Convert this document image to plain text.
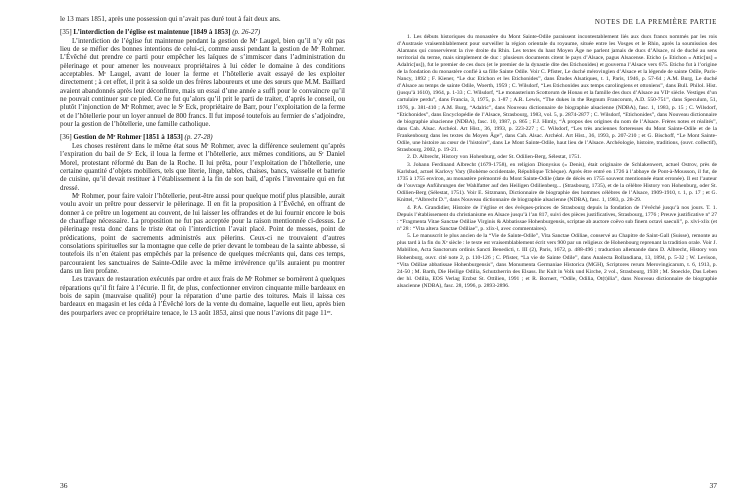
le 13 mars 1851, après une possession qui n’avait pas duré tout à fait deux ans.

[35] L’interdiction de l’église est maintenue [1849 à 1853] (p. 26-27)

L’interdiction de l’église fut maintenue pendant la gestion de Mʳ Laugel, bien qu’il n’y eût pas lieu de se méfier des bonnes intentions de celui-ci, comme aussi pendant la gestion de Mʳ Rohmer. L’Évêché dut prendre ce parti pour empêcher les laïques de s’immiscer dans l’administration du pèlerinage et pour amener les nouveaux propriétaires à lui céder le domaine à des conditions acceptables. Mʳ Laugel, avant de louer la ferme et l’hôtellerie avait essayé de les exploiter directement ; à cet effet, il prit à sa solde un des frères laboureurs et une des sœurs que M.M. Baillard avaient abandonnés après leur déconfiture, mais un essai d’une année a suffi pour le convaincre qu’il ne pouvait continuer sur ce pied. Ce ne fut qu’alors qu’il prit le parti de traiter, d’après le conseil, ou plutôt l’injonction de Mʳ Rohmer, avec le Sʳ Eck, propriétaire de Barr, pour l’exploitation de la ferme et de l’hôtellerie pour un loyer annuel de 800 francs. Il fut imposé toutefois au fermier de s’adjoindre, pour la gestion de l’hôtellerie, une famille catholique.

[36] Gestion de Mʳ Rohmer [1851 à 1853] (p. 27-28)

Les choses restèrent dans le même état sous Mʳ Rohmer, avec la différence seulement qu’après l’expiration du bail de Sʳ Eck, il loua la ferme et l’hôtellerie, aux mêmes conditions, au Sʳ Daniel Morel, protestant réformé du Ban de la Roche. Il lui prêta, pour l’exploitation de l’hôtellerie, une certaine quantité d’objets mobiliers, tels que literie, linge, tables, chaises, bancs, vaisselle et batterie de cuisine, qu’il devait restituer à l’établissement à la fin de son bail, d’après l’inventaire qui en fut dressé.

Mʳ Rohmer, pour faire valoir l’hôtellerie, peut-être aussi pour quelque motif plus plausible, aurait voulu avoir un prêtre pour desservir le pèlerinage. Il en fit la proposition à l’Évêché, en offrant de donner à ce prêtre un logement au couvent, de lui laisser les offrandes et de lui fournir encore le bois de chauffage nécessaire. La proposition ne fut pas acceptée pour la raison mentionnée ci-dessus. Le pèlerinage resta donc dans le triste état où l’interdiction l’avait placé. Point de messes, point de prédications, point de sacrements administrés aux pèlerins. Ceux-ci ne trouvaient d’autres consolations spirituelles sur la montagne que celle de prier devant le tombeau de la sainte abbesse, si toutefois ils n’en étaient pas empêchés par la présence de quelques mécréants qui, dans ces temps, parcouraient les sanctuaires de Sainte-Odile avec la même irrévérence qu’ils auraient pu montrer dans un lieu profane.

Les travaux de restauration exécutés par ordre et aux frais de Mʳ Rohmer se bornèrent à quelques réparations qu’il fit faire à l’écurie. Il fit, de plus, confectionner environ cinquante mille bardeaux en bois de sapin (mauvaise qualité) pour la réparation d’une partie des toitures. Mais il laissa ces bardeaux en magasin et les céda à l’Évêché lors de la vente du domaine, laquelle eut lieu, après bien des pourparlers avec ce propriétaire tenace, le 13 août 1853, ainsi que nous l’avions dit page 11ᵉᵉ.

36
NOTES DE LA PREMIÈRE PARTIE

1. Les débuts historiques du monastère du Mont Sainte-Odile paraissent incontestablement liés aux ducs francs nommés par les rois d’Austrasie vraisemblablement pour surveiller la région orientale du royaume, située entre les Vosges et le Rhin, après la soumission des Alamans qui conservèrent la rive droite du Rhin. Les textes du haut Moyen Âge ne parlent jamais de ducs d’Alsace, ni de duché au sens territorial du terme, mais simplement de duc : plusieurs documents citent le pays d’Alsace, pagus Alsacense. Eticho (« Etichon » Attic[us] » Adalric[us]), fut le premier de ces ducs (et le premier de la dynastie dite des Etichonides) et gouverna l’Alsace vers 675. Eticho fut à l’origine de la fondation du monastère confié à sa fille Sainte Odile. Voir C. Pfister, Le duché mérovingien d’Alsace et la légende de sainte Odile, Paris-Nancy, 1892 ; F. Kiener, “Le duc Etichon et les Etichonides”, dans Études Alsatiques, t. 1, Paris, 1946, p. 57-64 ; A.M. Burg, Le duché d’Alsace au temps de sainte Odile, Woerth, 1959 ; C. Wilsdorf, “Les Etichonides aux temps carolingiens et ottoniens”, dans Bull. Philol. Hist. (jusqu’à 1610), 1964, p. 1-33 ; C. Wilsdorf, “Le monasterium Scottorum de Honau et la famille des ducs d’Alsace au VIIᵉ siècle. Vestiges d’un cartulaire perdu”, dans Francia, 3, 1975, p. 1-87 ; A.R. Lewis, “The dukes in the Regnum Francorum, A.D. 550-751”, dans Speculum, 51, 1976, p. 381-410 ; A.M. Burg, “Adalric”, dans Nouveau dictionnaire de biographie alsacienne (NDBA), fasc. 1, 1983, p. 15 ; C. Wilsdorf, “Etichonides”, dans Encyclopédie de l’Alsace, Strasbourg, 1983, vol. 5, p. 2874-2877 ; C. Wilsdorf, “Etichonides”, dans Nouveau dictionnaire de biographie alsacienne (NDBA), fasc. 10, 1987, p. 865 ; F.J. Himly, “À propos des origines du nom de l’Alsace. Frères notes et réalités”, dans Cah. Alsac. Archéol. Art Hist., 36, 1993, p. 223-227 ; C. Wilsdorf, “Les très anciennes forteresses du Mont Sainte-Odile et de la Frankenbourg dans les textes du Moyen Âge”, dans Cah. Alsac. Archéol. Art Hist., 36, 1993, p. 207-210 ; et G. Bischoff, “Le Mont Sainte-Odile, une histoire au cœur de l’histoire”, dans Le Mont Sainte-Odile, haut lieu de l’Alsace. Archéologie, histoire, traditions, (ouvr. collectif), Strasbourg, 2002, p. 19-21.

2. D. Albrecht, History von Hohenburg, oder St. Odilien-Berg, Sélestat, 1751.

3. Johann Ferdinand Albrecht (1679-1758), en religion Dionysius (« Denis), était originaire de Schlakenwert, actuel Ostrov, près de Karlsbad, actuel Karlovy Vary (Bohème occidentale, République Tchèque). Après être entré en 1726 à l’abbaye de Pont-à-Mousson, il fut, de 1735 à 1755 environ, au monastère prémontré du Mont Sainte-Odile (date de décès en 1755 souvent mentionnée étant erronée). Il est l’auteur de l’ouvrage Anführungen der Wahlfatter auf den Heiligen Odilienberg... (Strasbourg, 1735), et de la célèbre History von Hohenburg, oder St. Odilien-Berg (Sélestat, 1751). Voir E. Sitzmann, Dictionnaire de biographie des hommes célèbres de l’Alsace, 1909-1910, t. 1, p. 17 ; et G. Knittel, “Albrecht D.”, dans Nouveau dictionnaire de biographie alsacienne (NDBA), fasc. 1, 1983, p. 28-29.

4. P.A. Grandidier, Histoire de l’église et des évêques-princes de Strasbourg depuis la fondation de l’évêché jusqu’à nos jours. T. 1. Depuis l’établissement du christianisme en Alsace jusqu’à l’an 817, suivi des pièces justificatives, Strasbourg, 1776 ; Preuve justificative nº 27 : “Fragmenta Vitae Sanctae Odiliae Virginis & Abbatissae Hohenburgensis, scriptae ab auctore coëvo sub finem octavi saeculi”, p. xlvi-xlix (et nº 28 : “Vita altera Sanctae Odiliae”, p. xlix-l, avec commentaires).

5. Le manuscrit le plus ancien de la “Vie de Sainte-Odile”, Vita Sanctae Odiliae, conservé au Chapitre de Saint-Gall (Suisse), remonte au plus tard à la fin du Xᵉ siècle : le texte est vraisemblablement écrit vers 900 par un religieux de Hohenbourg reprenant la tradition orale. Voir J. Mabillon, Acta Sanctorum ordinis Sancti Benedicti, t. III (2), Paris, 1672, p. 488-496 ; traduction allemande dans D. Albrecht, History von Hohenburg, ouvr. cité note 2, p. 110-126 ; C. Pfister, “La vie de Sainte Odile”, dans Analecta Bollandiana, 13, 1894, p. 5-32 ; W. Levison, “Vita Odiliae abbatissae Hohenburgensis”, dans Monumenta Germaniae Historica (MGH), Scriptores rerum Merovingicarum, t. 6, 1913, p. 24-50 ; M. Barth, Die Heilige Odilia, Schutzherrin des Elsass. Ihr Kult in Volk und Kirche, 2 vol., Strasbourg, 1938 ; M. Stoeckle, Das Leben der hl. Odilia, EOS Verlag Erzbst St. Ottilien, 1991 ; et R. Bornert, “Odile, Odilia, Ot(t)ilia”, dans Nouveau dictionnaire de biographie alsacienne (NDBA), fasc. 28, 1996, p. 2893-2896.

37
